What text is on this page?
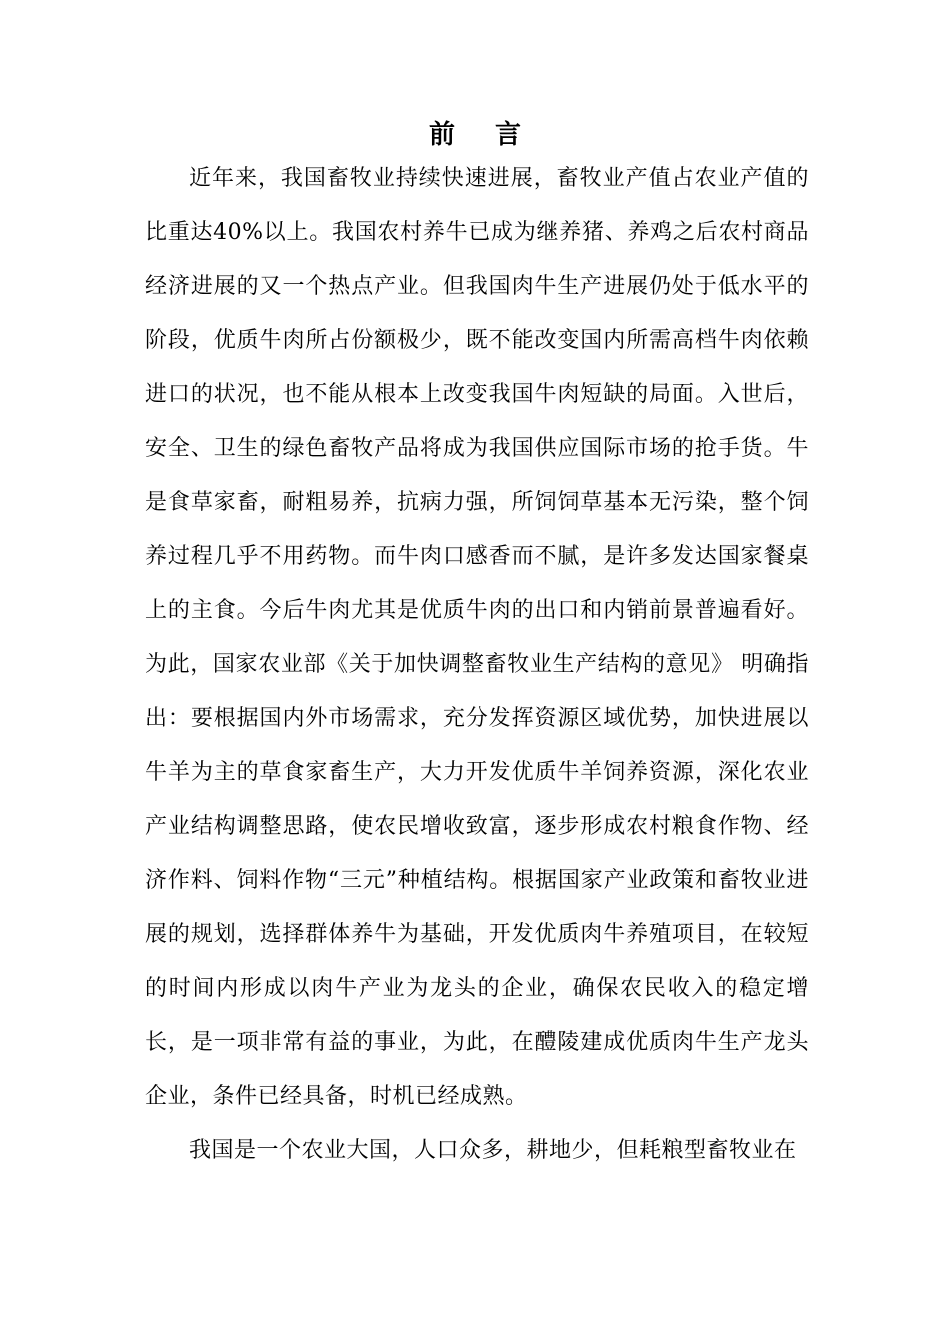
前言

近年来，我国畜牧业持续快速进展，畜牧业产值占农业产值的比重达40%以上。我国农村养牛已成为继养猪、养鸡之后农村商品经济进展的又一个热点产业。但我国肉牛生产进展仍处于低水平的阶段，优质牛肉所占份额极少，既不能改变国内所需高档牛肉依赖进口的状况，也不能从根本上改变我国牛肉短缺的局面。入世后，安全、卫生的绿色畜牧产品将成为我国供应国际市场的抢手货。牛是食草家畜，耐粗易养，抗病力强，所饲饲草基本无污染，整个饲养过程几乎不用药物。而牛肉口感香而不腻，是许多发达国家餐桌上的主食。今后牛肉尤其是优质牛肉的出口和内销前景普遍看好。为此，国家农业部《关于加快调整畜牧业生产结构的意见》 明确指出：要根据国内外市场需求，充分发挥资源区域优势，加快进展以牛羊为主的草食家畜生产，大力开发优质牛羊饲养资源，深化农业产业结构调整思路，使农民增收致富，逐步形成农村粮食作物、经济作料、饲料作物“三元”种植结构。根据国家产业政策和畜牧业进展的规划，选择群体养牛为基础，开发优质肉牛养殖项目，在较短的时间内形成以肉牛产业为龙头的企业，确保农民收入的稳定增长，是一项非常有益的事业，为此，在醴陵建成优质肉牛生产龙头企业，条件已经具备，时机已经成熟。

我国是一个农业大国，人口众多，耕地少，但耗粮型畜牧业在
